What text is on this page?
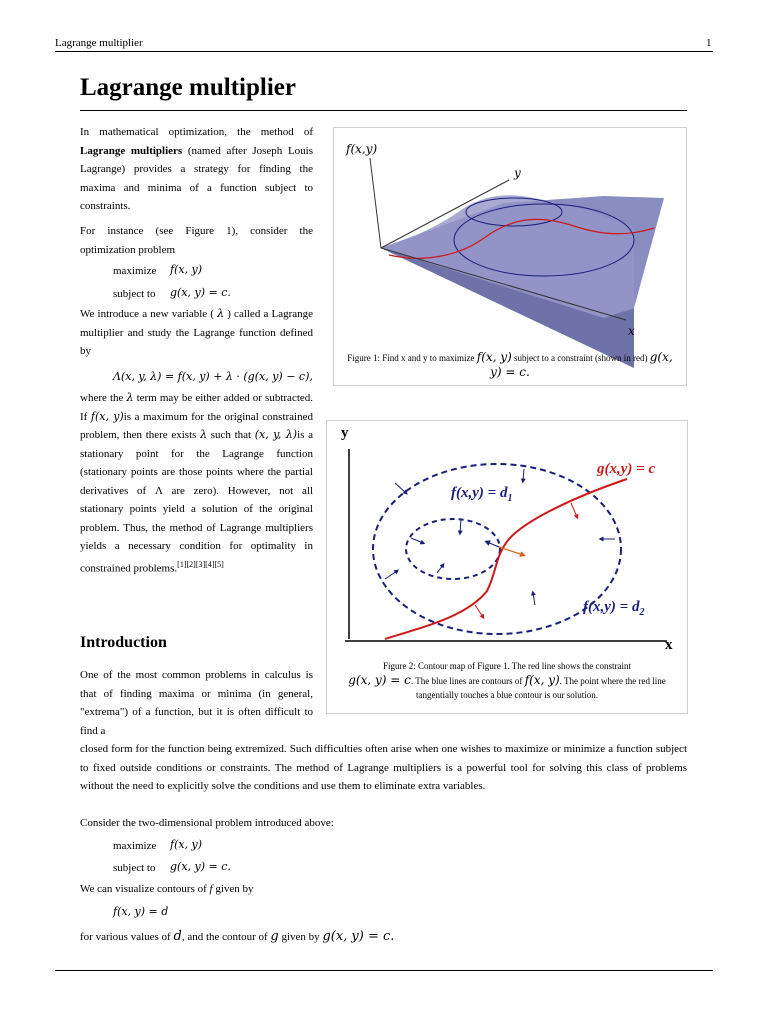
Lagrange multiplier	1
Lagrange multiplier
In mathematical optimization, the method of Lagrange multipliers (named after Joseph Louis Lagrange) provides a strategy for finding the maxima and minima of a function subject to constraints.
For instance (see Figure 1), consider the optimization problem
maximize f(x, y)
subject to g(x, y) = c.
We introduce a new variable ( λ ) called a Lagrange multiplier and study the Lagrange function defined by
Λ(x, y, λ) = f(x, y) + λ · (g(x, y) − c),
where the λ term may be either added or subtracted. If f(x, y)is a maximum for the original constrained problem, then there exists λ such that (x, y, λ)is a stationary point for the Lagrange function (stationary points are those points where the partial derivatives of Λ are zero). However, not all stationary points yield a solution of the original problem. Thus, the method of Lagrange multipliers yields a necessary condition for optimality in constrained problems.[1][2][3][4][5]
f(x,y)
y
x
Figure 1: Find x and y to maximize f(x, y) subject to a constraint (shown in red) g(x, y) = c.
y
x
g(x,y) = c
$f(x,y) = d_1$
$f(x,y) = d_2$
Figure 2: Contour map of Figure 1. The red line shows the constraint
g(x, y) = c. The blue lines are contours of f(x, y). The point where the red line tangentially touches a blue contour is our solution.
Introduction
One of the most common problems in calculus is that of finding maxima or minima (in general, "extrema") of a function, but it is often difficult to find a
closed form for the function being extremized. Such difficulties often arise when one wishes to maximize or minimize a function subject to fixed outside conditions or constraints. The method of Lagrange multipliers is a powerful tool for solving this class of problems without the need to explicitly solve the conditions and use them to eliminate extra variables.
Consider the two-dimensional problem introduced above:
maximize f(x, y)
subject to g(x, y) = c.
We can visualize contours of f given by
f(x, y) = d
for various values of d, and the contour of g given by g(x, y) = c.
